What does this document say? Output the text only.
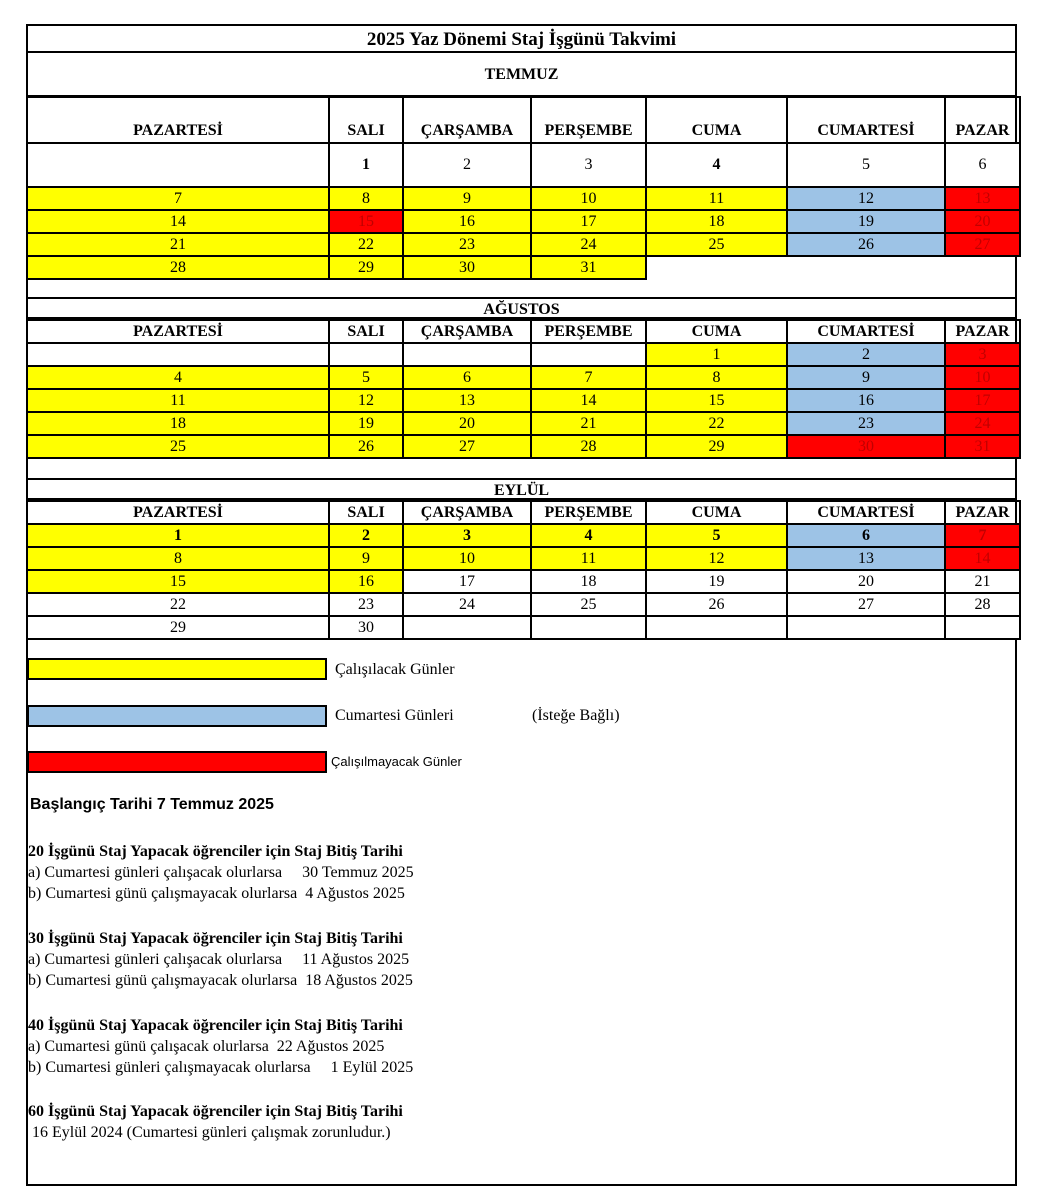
2025 Yaz Dönemi Staj İşgünü Takvimi
TEMMUZ
PAZARTESİ	SALI	ÇARŞAMBA	PERŞEMBE	CUMA	CUMARTESİ	PAZAR
	1	2	3	4	5	6
7	8	9	10	11	12	13
14	15	16	17	18	19	20
21	22	23	24	25	26	27
28	29	30	31			
AĞUSTOS
PAZARTESİ	SALI	ÇARŞAMBA	PERŞEMBE	CUMA	CUMARTESİ	PAZAR
				1	2	3
4	5	6	7	8	9	10
11	12	13	14	15	16	17
18	19	20	21	22	23	24
25	26	27	28	29	30	31
EYLÜL
PAZARTESİ	SALI	ÇARŞAMBA	PERŞEMBE	CUMA	CUMARTESİ	PAZAR
1	2	3	4	5	6	7
8	9	10	11	12	13	14
15	16	17	18	19	20	21
22	23	24	25	26	27	28
29	30					
Çalışılacak Günler
Cumartesi Günleri	(İsteğe Bağlı)
Çalışılmayacak Günler
Başlangıç Tarihi 7 Temmuz 2025
20 İşgünü Staj Yapacak öğrenciler için Staj Bitiş Tarihi
a) Cumartesi günleri çalışacak olurlarsa     30 Temmuz 2025
b) Cumartesi günü çalışmayacak olurlarsa  4 Ağustos 2025
30 İşgünü Staj Yapacak öğrenciler için Staj Bitiş Tarihi
a) Cumartesi günleri çalışacak olurlarsa     11 Ağustos 2025
b) Cumartesi günü çalışmayacak olurlarsa  18 Ağustos 2025
40 İşgünü Staj Yapacak öğrenciler için Staj Bitiş Tarihi
a) Cumartesi günü çalışacak olurlarsa  22 Ağustos 2025
b) Cumartesi günleri çalışmayacak olurlarsa     1 Eylül 2025
60 İşgünü Staj Yapacak öğrenciler için Staj Bitiş Tarihi
16 Eylül 2024 (Cumartesi günleri çalışmak zorunludur.)
